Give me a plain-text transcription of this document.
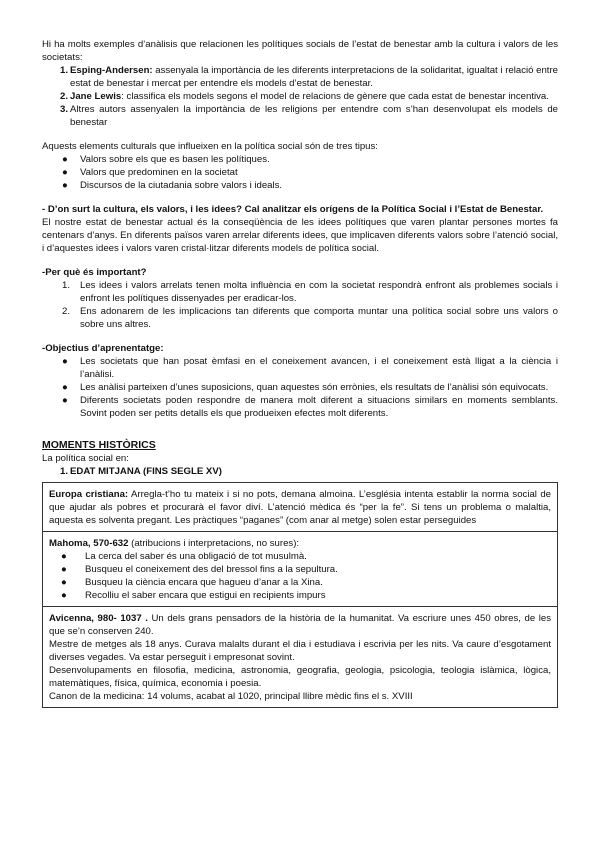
Hi ha molts exemples d’anàlisis que relacionen les polítiques socials de l’estat de benestar amb la cultura i valors de les societats:

1. Esping-Andersen: assenyala la importància de les diferents interpretacions de la solidaritat, igualtat i relació entre estat de benestar i mercat per entendre els models d’estat de benestar.
2. Jane Lewis: classifica els models segons el model de relacions de gènere que cada estat de benestar incentiva.
3. Altres autors assenyalen la importància de les religions per entendre com s’han desenvolupat els models de benestar

Aquests elements culturals que influeixen en la política social són de tres tipus:

● Valors sobre els que es basen les polítiques.
● Valors que predominen en la societat
● Discursos de la ciutadania sobre valors i ideals.

- D’on surt la cultura, els valors, i les idees? Cal analitzar els orígens de la Política Social i l’Estat de Benestar.

El nostre estat de benestar actual és la conseqüència de les idees polítiques que varen plantar persones mortes fa centenars d’anys. En diferents països varen arrelar diferents idees, que implicaven diferents valors sobre l’atenció social, i d’aquestes idees i valors varen cristal·litzar diferents models de política social.

-Per què és important?

1. Les idees i valors arrelats tenen molta influència en com la societat respondrà enfront als problemes socials i enfront les polítiques dissenyades per eradicar-los.
2. Ens adonarem de les implicacions tan diferents que comporta muntar una política social sobre uns valors o sobre uns altres.

-Objectius d’aprenentatge:

● Les societats que han posat èmfasi en el coneixement avancen, i el coneixement està lligat a la ciència i l’anàlisi.
● Les anàlisi parteixen d’unes suposicions, quan aquestes són errònies, els resultats de l’anàlisi són equivocats.
● Diferents societats poden respondre de manera molt diferent a situacions similars en moments semblants. Sovint poden ser petits detalls els que produeixen efectes molt diferents.

MOMENTS HISTÒRICS

La política social en:

1. EDAT MITJANA (FINS SEGLE XV)
Europa cristiana: Arregla-t’ho tu mateix i si no pots, demana almoina. L’església intenta establir la norma social de que ajudar als pobres et procurarà el favor diví. L’atenció mèdica és “per la fe”. Si tens un problema o malaltia, aquesta es solventa pregant. Les pràctiques “paganes” (com anar al metge) solen estar perseguides

Mahoma, 570-632 (atribucions i interpretacions, no sures):

● La cerca del saber és una obligació de tot musulmà.
● Busqueu el coneixement des del bressol fins a la sepultura.
● Busqueu la ciència encara que hagueu d’anar a la Xina.
● Recolliu el saber encara que estigui en recipients impurs

Avicenna, 980- 1037 . Un dels grans pensadors de la història de la humanitat. Va escriure unes 450 obres, de les que se’n conserven 240.

Mestre de metges als 18 anys. Curava malalts durant el dia i estudiava i escrivia per les nits. Va caure d’esgotament diverses vegades. Va estar perseguit i empresonat sovint.

Desenvolupaments en filosofia, medicina, astronomia, geografia, geologia, psicologia, teologia islàmica, lògica, matemàtiques, física, química, economia i poesia.

Canon de la medicina: 14 volums, acabat al 1020, principal llibre mèdic fins el s. XVIII
